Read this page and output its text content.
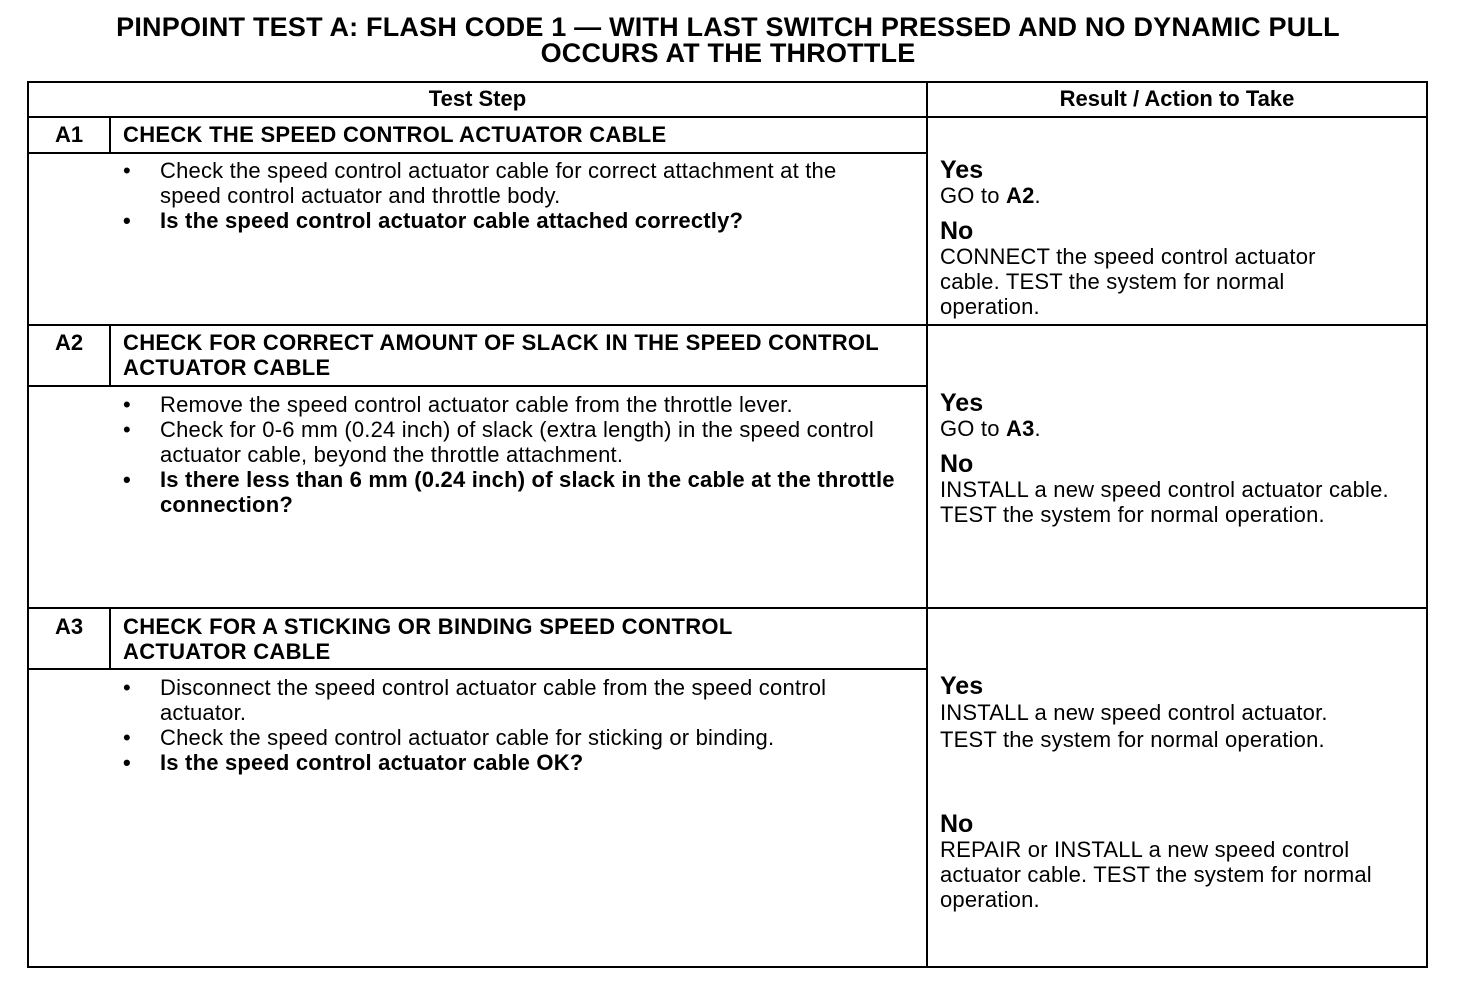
PINPOINT TEST A: FLASH CODE 1 — WITH LAST SWITCH PRESSED AND NO DYNAMIC PULL
OCCURS AT THE THROTTLE
Test Step	Result / Action to Take
A1	CHECK THE SPEED CONTROL ACTUATOR CABLE
• Check the speed control actuator cable for correct attachment at the speed control actuator and throttle body.
• Is the speed control actuator cable attached correctly?
Yes
GO to A2.
No
CONNECT the speed control actuator cable. TEST the system for normal operation.
A2	CHECK FOR CORRECT AMOUNT OF SLACK IN THE SPEED CONTROL ACTUATOR CABLE
• Remove the speed control actuator cable from the throttle lever.
• Check for 0-6 mm (0.24 inch) of slack (extra length) in the speed control actuator cable, beyond the throttle attachment.
• Is there less than 6 mm (0.24 inch) of slack in the cable at the throttle connection?
Yes
GO to A3.
No
INSTALL a new speed control actuator cable. TEST the system for normal operation.
A3	CHECK FOR A STICKING OR BINDING SPEED CONTROL ACTUATOR CABLE
• Disconnect the speed control actuator cable from the speed control actuator.
• Check the speed control actuator cable for sticking or binding.
• Is the speed control actuator cable OK?
Yes
INSTALL a new speed control actuator. TEST the system for normal operation.
No
REPAIR or INSTALL a new speed control actuator cable. TEST the system for normal operation.
